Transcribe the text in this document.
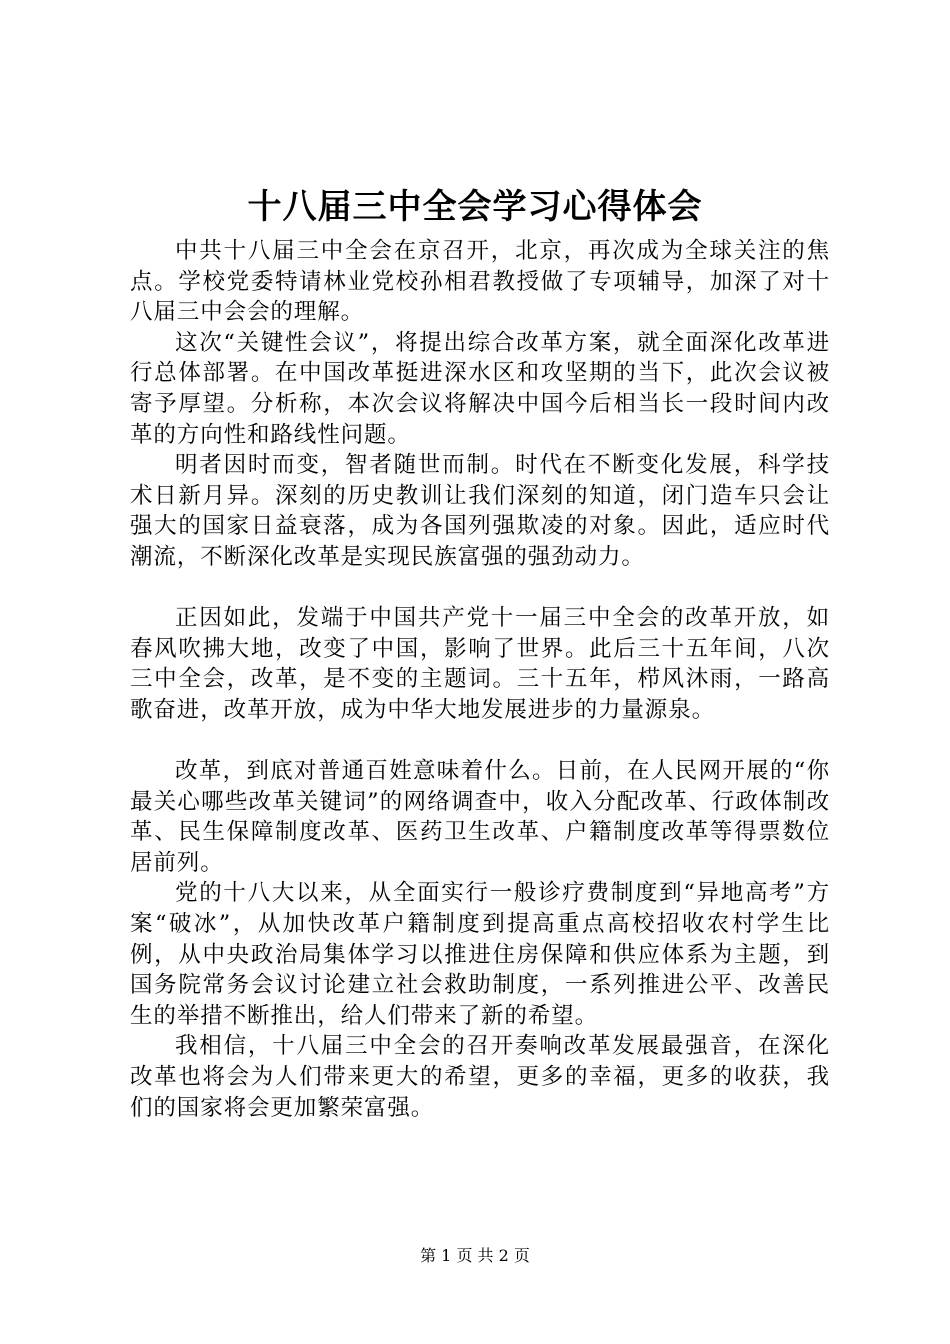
十八届三中全会学习心得体会

中共十八届三中全会在京召开，北京，再次成为全球关注的焦点。学校党委特请林业党校孙相君教授做了专项辅导，加深了对十八届三中会会的理解。

这次“关键性会议”，将提出综合改革方案，就全面深化改革进行总体部署。在中国改革挺进深水区和攻坚期的当下，此次会议被寄予厚望。分析称，本次会议将解决中国今后相当长一段时间内改革的方向性和路线性问题。

明者因时而变，智者随世而制。时代在不断变化发展，科学技术日新月异。深刻的历史教训让我们深刻的知道，闭门造车只会让强大的国家日益衰落，成为各国列强欺凌的对象。因此，适应时代潮流，不断深化改革是实现民族富强的强劲动力。

正因如此，发端于中国共产党十一届三中全会的改革开放，如春风吹拂大地，改变了中国，影响了世界。此后三十五年间，八次三中全会，改革，是不变的主题词。三十五年，栉风沐雨，一路高歌奋进，改革开放，成为中华大地发展进步的力量源泉。

改革，到底对普通百姓意味着什么。日前，在人民网开展的“你最关心哪些改革关键词”的网络调查中，收入分配改革、行政体制改革、民生保障制度改革、医药卫生改革、户籍制度改革等得票数位居前列。

党的十八大以来，从全面实行一般诊疗费制度到“异地高考”方案“破冰”，从加快改革户籍制度到提高重点高校招收农村学生比例，从中央政治局集体学习以推进住房保障和供应体系为主题，到国务院常务会议讨论建立社会救助制度，一系列推进公平、改善民生的举措不断推出，给人们带来了新的希望。

我相信，十八届三中全会的召开奏响改革发展最强音，在深化改革也将会为人们带来更大的希望，更多的幸福，更多的收获，我们的国家将会更加繁荣富强。

第 1 页 共 2 页
